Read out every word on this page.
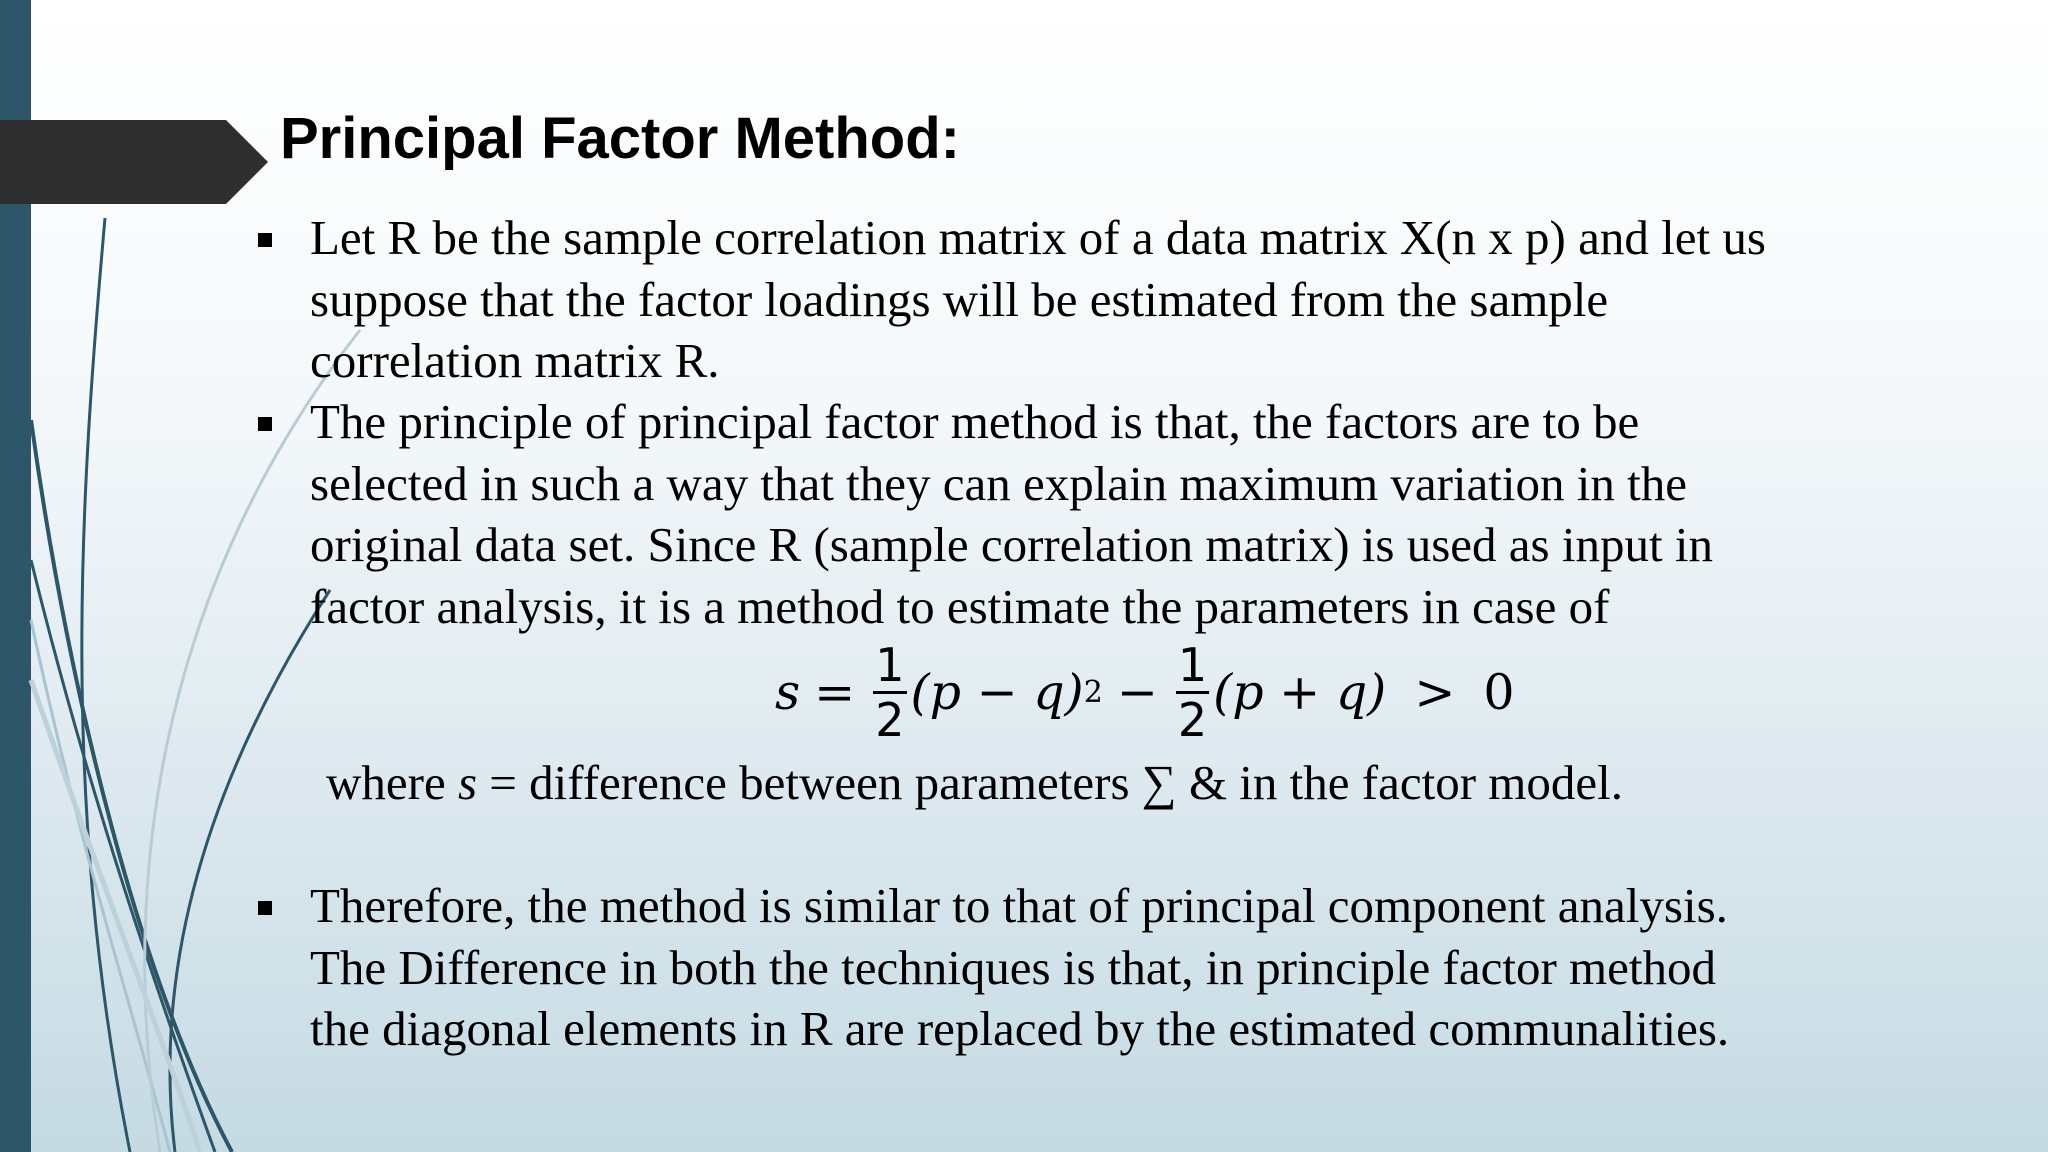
Principal Factor Method:
Let R be the sample correlation matrix of a data matrix X(n x p) and let us
suppose that the factor loadings will be estimated from the sample
correlation matrix R.
The principle of principal factor method is that, the factors are to be
selected in such a way that they can explain maximum variation in the
original data set. Since R (sample correlation matrix) is used as input in
factor analysis, it is a method to estimate the parameters in case of
Therefore, the method is similar to that of principal component analysis.
The Difference in both the techniques is that, in principle factor method
the diagonal elements in R are replaced by the estimated communalities.
$s = \frac{1}{2} (p - q) 2 - \frac{1}{2} (p + q) > 0$
where s = difference between parameters ∑ & in the factor model.
